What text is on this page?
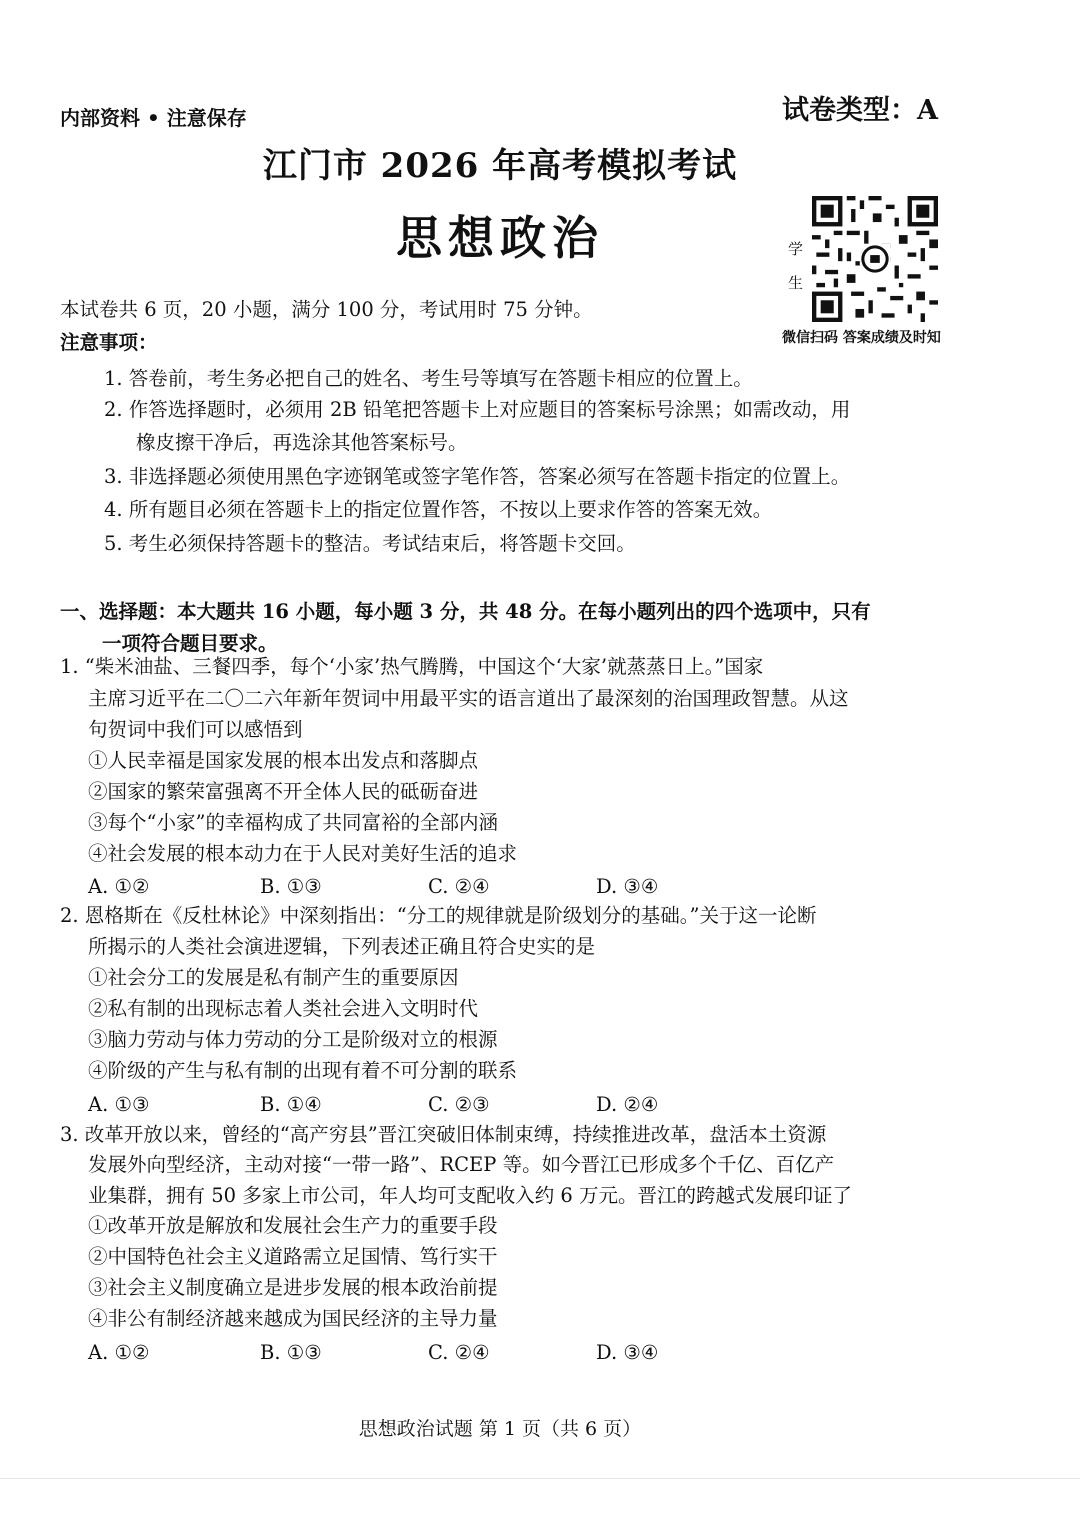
内部资料 • 注意保存	试卷类型：A
江门市 2026 年高考模拟考试
思想政治	学
生
微信扫码 答案成绩及时知
本试卷共 6 页，20 小题，满分 100 分，考试用时 75 分钟。
注意事项：
1. 答卷前，考生务必把自己的姓名、考生号等填写在答题卡相应的位置上。
2. 作答选择题时，必须用 2B 铅笔把答题卡上对应题目的答案标号涂黑；如需改动，用
橡皮擦干净后，再选涂其他答案标号。
3. 非选择题必须使用黑色字迹钢笔或签字笔作答，答案必须写在答题卡指定的位置上。
4. 所有题目必须在答题卡上的指定位置作答，不按以上要求作答的答案无效。
5. 考生必须保持答题卡的整洁。考试结束后，将答题卡交回。
一、选择题：本大题共 16 小题，每小题 3 分，共 48 分。在每小题列出的四个选项中，只有
一项符合题目要求。
1. “柴米油盐、三餐四季，每个‘小家’热气腾腾，中国这个‘大家’就蒸蒸日上。”国家
主席习近平在二〇二六年新年贺词中用最平实的语言道出了最深刻的治国理政智慧。从这
句贺词中我们可以感悟到
①人民幸福是国家发展的根本出发点和落脚点
②国家的繁荣富强离不开全体人民的砥砺奋进
③每个“小家”的幸福构成了共同富裕的全部内涵
④社会发展的根本动力在于人民对美好生活的追求
A. ①②	B. ①③	C. ②④	D. ③④
2. 恩格斯在《反杜林论》中深刻指出：“分工的规律就是阶级划分的基础。”关于这一论断
所揭示的人类社会演进逻辑，下列表述正确且符合史实的是
①社会分工的发展是私有制产生的重要原因
②私有制的出现标志着人类社会进入文明时代
③脑力劳动与体力劳动的分工是阶级对立的根源
④阶级的产生与私有制的出现有着不可分割的联系
A. ①③	B. ①④	C. ②③	D. ②④
3. 改革开放以来，曾经的“高产穷县”晋江突破旧体制束缚，持续推进改革，盘活本土资源
发展外向型经济，主动对接“一带一路”、RCEP 等。如今晋江已形成多个千亿、百亿产
业集群，拥有 50 多家上市公司，年人均可支配收入约 6 万元。晋江的跨越式发展印证了
①改革开放是解放和发展社会生产力的重要手段
②中国特色社会主义道路需立足国情、笃行实干
③社会主义制度确立是进步发展的根本政治前提
④非公有制经济越来越成为国民经济的主导力量
A. ①②	B. ①③	C. ②④	D. ③④
思想政治试题 第 1 页（共 6 页）
